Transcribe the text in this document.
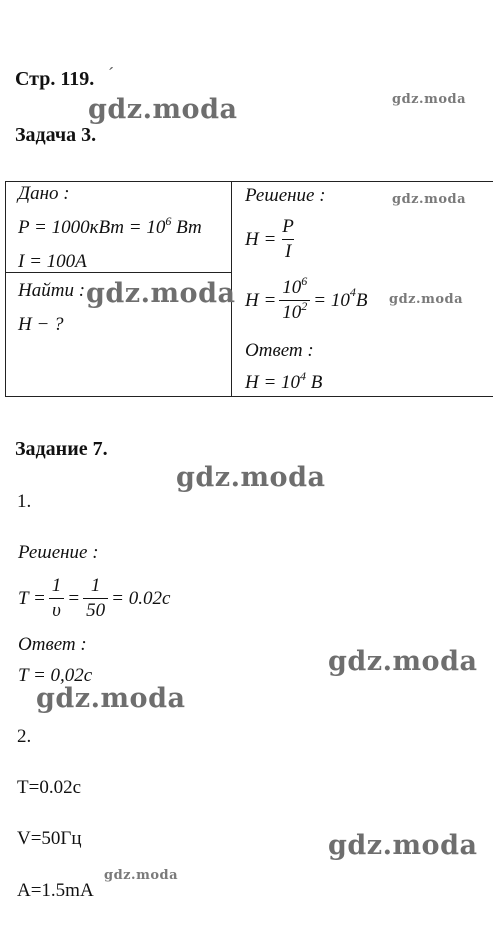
Стр. 119. ´
Задача 3.
Дано :
$P = 1000кВт = 10^6$ Вт
I = 100A
Найти :
H − ?
Решение :
$H = \frac{P}{I}$
$H = \frac{10^6}{10^2} = 10^4$ B
Ответ :
$H = 10^4$ B
Задание 7.
1.
Решение :
$T = \frac{1}{\upsilon} = \frac{1}{50} = 0.02c$
Ответ :
T = 0,02c
2.
T=0.02c
V=50Гц
A=1.5mA
gdz.moda	gdz.moda
gdz.moda
gdz.moda	gdz.moda
gdz.moda
gdz.moda
gdz.moda
gdz.moda
gdz.moda
